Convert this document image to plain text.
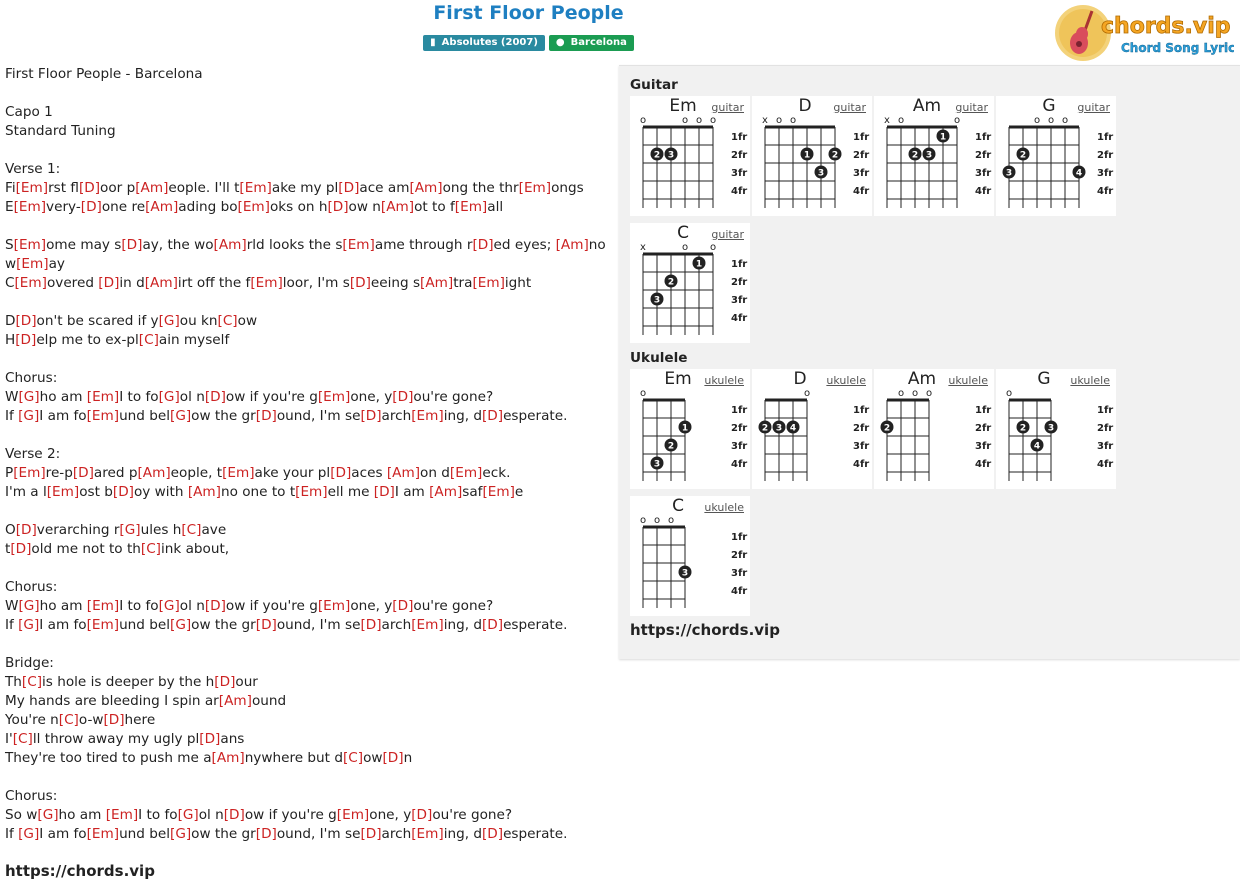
First Floor People
▮ Absolutes (2007) ● Barcelona
chords.vip
Chord Song Lyric
First Floor People - Barcelona
Capo 1
Standard Tuning
Verse 1:
Fi[Em]rst fl[D]oor p[Am]eople. I'll t[Em]ake my pl[D]ace am[Am]ong the thr[Em]ongs
E[Em]very-[D]one re[Am]ading bo[Em]oks on h[D]ow n[Am]ot to f[Em]all
S[Em]ome may s[D]ay, the wo[Am]rld looks the s[Em]ame through r[D]ed eyes; [Am]no
w[Em]ay
C[Em]overed [D]in d[Am]irt off the f[Em]loor, I'm s[D]eeing s[Am]tra[Em]ight
D[D]on't be scared if y[G]ou kn[C]ow
H[D]elp me to ex-pl[C]ain myself
Chorus:
W[G]ho am [Em]I to fo[G]ol n[D]ow if you're g[Em]one, y[D]ou're gone?
If [G]I am fo[Em]und bel[G]ow the gr[D]ound, I'm se[D]arch[Em]ing, d[D]esperate.
Verse 2:
P[Em]re-p[D]ared p[Am]eople, t[Em]ake your pl[D]aces [Am]on d[Em]eck.
I'm a l[Em]ost b[D]oy with [Am]no one to t[Em]ell me [D]I am [Am]saf[Em]e
O[D]verarching r[G]ules h[C]ave
t[D]old me not to th[C]ink about,
Chorus:
W[G]ho am [Em]I to fo[G]ol n[D]ow if you're g[Em]one, y[D]ou're gone?
If [G]I am fo[Em]und bel[G]ow the gr[D]ound, I'm se[D]arch[Em]ing, d[D]esperate.
Bridge:
Th[C]is hole is deeper by the h[D]our
My hands are bleeding I spin ar[Am]ound
You're n[C]o-w[D]here
I'[C]ll throw away my ugly pl[D]ans
They're too tired to push me a[Am]nywhere but d[C]ow[D]n
Chorus:
So w[G]ho am [Em]I to fo[G]ol n[D]ow if you're g[Em]one, y[D]ou're gone?
If [G]I am fo[Em]und bel[G]ow the gr[D]ound, I'm se[D]arch[Em]ing, d[D]esperate.
https://chords.vip
Guitar
Ukulele
https://chords.vip
Em	guitar
o	o o o
2 3
1fr
2fr
3fr
4fr
D	guitar
x o o
1 2
3
1fr
2fr
3fr
4fr
Am	guitar
x o	o
2 3
1	1fr
2fr
3fr
4fr
G	guitar
o o o
2
3	4
1fr
2fr
3fr
4fr
C	guitar
x	o o
3
2
1	1fr
2fr
3fr
4fr
Em	ukulele
o
1
2
3
1fr
2fr
3fr
4fr
D	ukulele
o
2 3 4
1fr
2fr
3fr
4fr
Am	ukulele
o o o
2
1fr
2fr
3fr
4fr
G	ukulele
o
2 3
4
1fr
2fr
3fr
4fr
C	ukulele
o o o
3
1fr
2fr
3fr
4fr
